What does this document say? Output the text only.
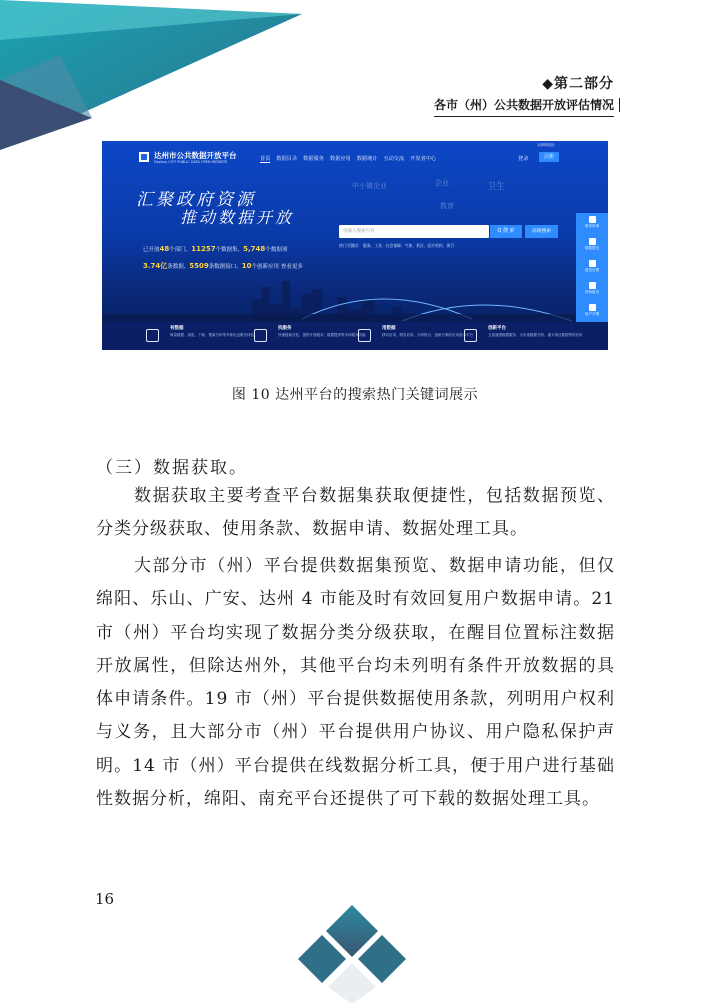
◆第二部分
各市（州）公共数据开放评估情况
达州市公共数据开放平台
Dazhou CITY PUBLIC DATA OPEN WEBSITE
无障碍阅读
首页 数据目录 数据服务 数据应用 数据统计 互动交流 开发者中心	登录	注册
中小微企业	企业	卫生
教育
汇聚政府资源
推动数据开放
已开放48个部门、11257个数据集、5,748个数据项
3.74亿条数据、5509条数据接口、10个创新应用 查看更多
请输入搜索内容	Q 搜 索	高级搜索
热门关键词： 服务、工业、社会保障、气象、景区、医疗机构、街行
需求申请
数据提交
意见反馈
咨询留言
用户手册
有数据
海量数据、浏览、下载、搜索分析等多种优良服务体验
找服务
快速搜索开放、提供开放服务、数据提供等多种服务功能
用数据
移动应用、网页应用、分析报告、创新方案的应用展示平台
创新平台
卫星遥感数据服务、为实现数据分析、重大项目数据等的应用
图 10 达州平台的搜索热门关键词展示
（三）数据获取。
数据获取主要考查平台数据集获取便捷性，包括数据预览、分类分级获取、使用条款、数据申请、数据处理工具。
大部分市（州）平台提供数据集预览、数据申请功能，但仅绵阳、乐山、广安、达州 4 市能及时有效回复用户数据申请。21 市（州）平台均实现了数据分类分级获取，在醒目位置标注数据开放属性，但除达州外，其他平台均未列明有条件开放数据的具体申请条件。19 市（州）平台提供数据使用条款，列明用户权利与义务，且大部分市（州）平台提供用户协议、用户隐私保护声明。14 市（州）平台提供在线数据分析工具，便于用户进行基础性数据分析，绵阳、南充平台还提供了可下载的数据处理工具。
16
